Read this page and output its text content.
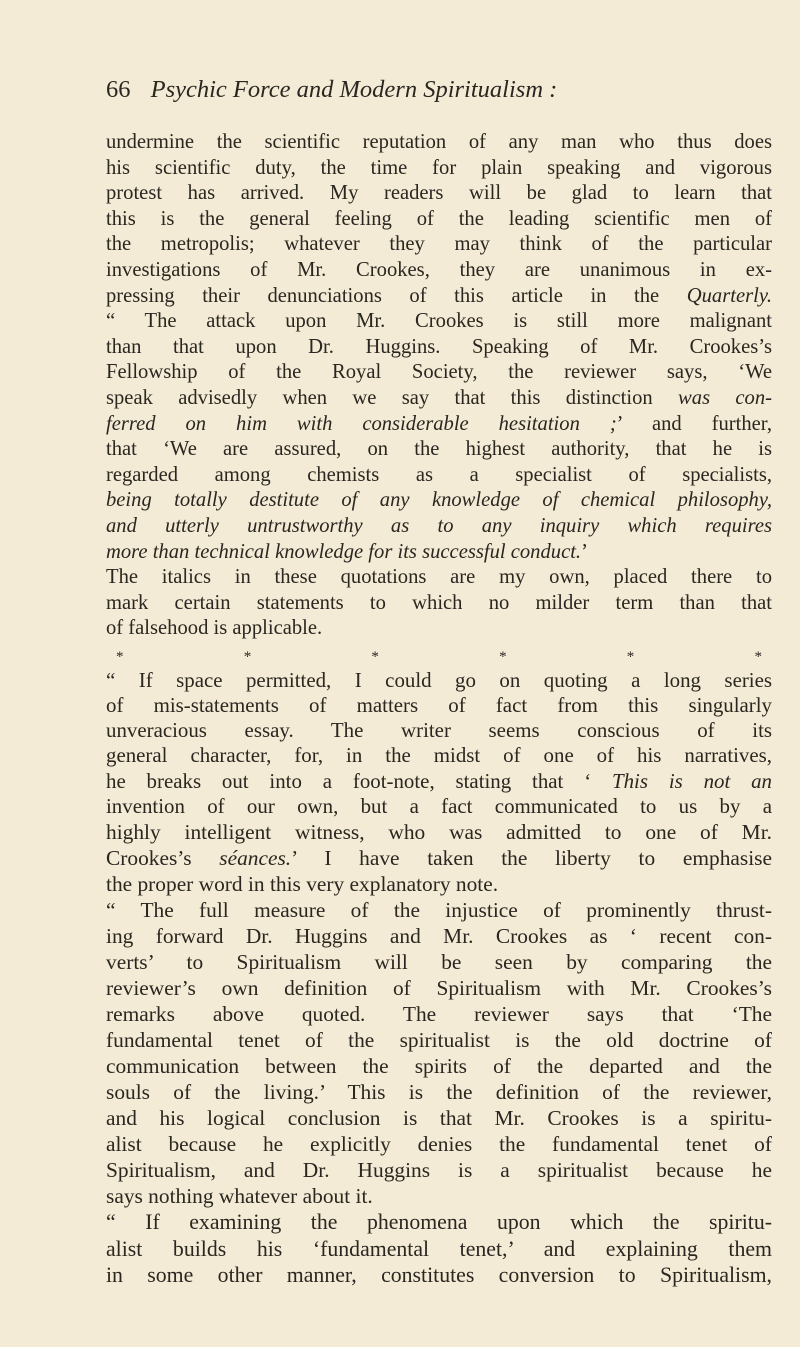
66 Psychic Force and Modern Spiritualism :
undermine the scientific reputation of any man who thus does
his scientific duty, the time for plain speaking and vigorous
protest has arrived. My readers will be glad to learn that
this is the general feeling of the leading scientific men of
the metropolis; whatever they may think of the particular
investigations of Mr. Crookes, they are unanimous in ex-
pressing their denunciations of this article in the Quarterly.
“ The attack upon Mr. Crookes is still more malignant
than that upon Dr. Huggins. Speaking of Mr. Crookes’s
Fellowship of the Royal Society, the reviewer says, ‘We
speak advisedly when we say that this distinction was con-
ferred on him with considerable hesitation ;’ and further,
that ‘We are assured, on the highest authority, that he is
regarded among chemists as a specialist of specialists,
being totally destitute of any knowledge of chemical philosophy,
and utterly untrustworthy as to any inquiry which requires
more than technical knowledge for its successful conduct.’
The italics in these quotations are my own, placed there to
mark certain statements to which no milder term than that
of falsehood is applicable.
*	*	*	*	*	*
“ If space permitted, I could go on quoting a long series
of mis-statements of matters of fact from this singularly
unveracious essay. The writer seems conscious of its
general character, for, in the midst of one of his narratives,
he breaks out into a foot-note, stating that ‘ This is not an
invention of our own, but a fact communicated to us by a
highly intelligent witness, who was admitted to one of Mr.
Crookes’s séances.’ I have taken the liberty to emphasise
the proper word in this very explanatory note.
“ The full measure of the injustice of prominently thrust-
ing forward Dr. Huggins and Mr. Crookes as ‘ recent con-
verts’ to Spiritualism will be seen by comparing the
reviewer’s own definition of Spiritualism with Mr. Crookes’s
remarks above quoted. The reviewer says that ‘The
fundamental tenet of the spiritualist is the old doctrine of
communication between the spirits of the departed and the
souls of the living.’ This is the definition of the reviewer,
and his logical conclusion is that Mr. Crookes is a spiritu-
alist because he explicitly denies the fundamental tenet of
Spiritualism, and Dr. Huggins is a spiritualist because he
says nothing whatever about it.
“ If examining the phenomena upon which the spiritu-
alist builds his ‘fundamental tenet,’ and explaining them
in some other manner, constitutes conversion to Spiritualism,
